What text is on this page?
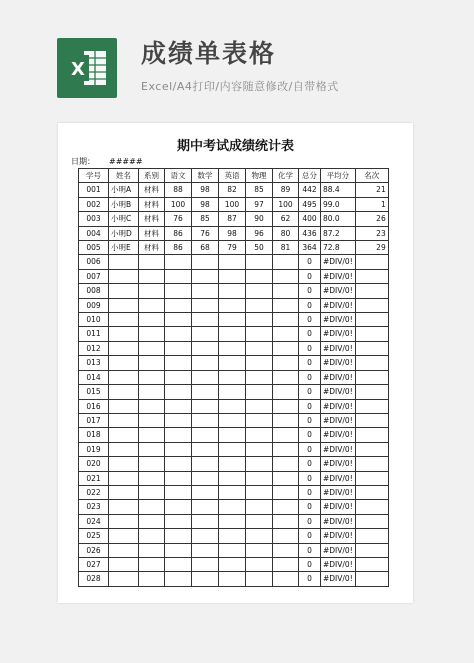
X
成绩单表格
Excel/A4打印/内容随意修改/自带格式
期中考试成绩统计表
日期： #####
学号	姓名	系别	语文	数学	英语	物理	化学	总分	平均分	名次
001	小明A	材料	88	98	82	85	89	442	88.4	21
002	小明B	材料	100	98	100	97	100	495	99.0	1
003	小明C	材料	76	85	87	90	62	400	80.0	26
004	小明D	材料	86	76	98	96	80	436	87.2	23
005	小明E	材料	86	68	79	50	81	364	72.8	29
006								0	#DIV/0!	
007								0	#DIV/0!	
008								0	#DIV/0!	
009								0	#DIV/0!	
010								0	#DIV/0!	
011								0	#DIV/0!	
012								0	#DIV/0!	
013								0	#DIV/0!	
014								0	#DIV/0!	
015								0	#DIV/0!	
016								0	#DIV/0!	
017								0	#DIV/0!	
018								0	#DIV/0!	
019								0	#DIV/0!	
020								0	#DIV/0!	
021								0	#DIV/0!	
022								0	#DIV/0!	
023								0	#DIV/0!	
024								0	#DIV/0!	
025								0	#DIV/0!	
026								0	#DIV/0!	
027								0	#DIV/0!	
028								0	#DIV/0!	
